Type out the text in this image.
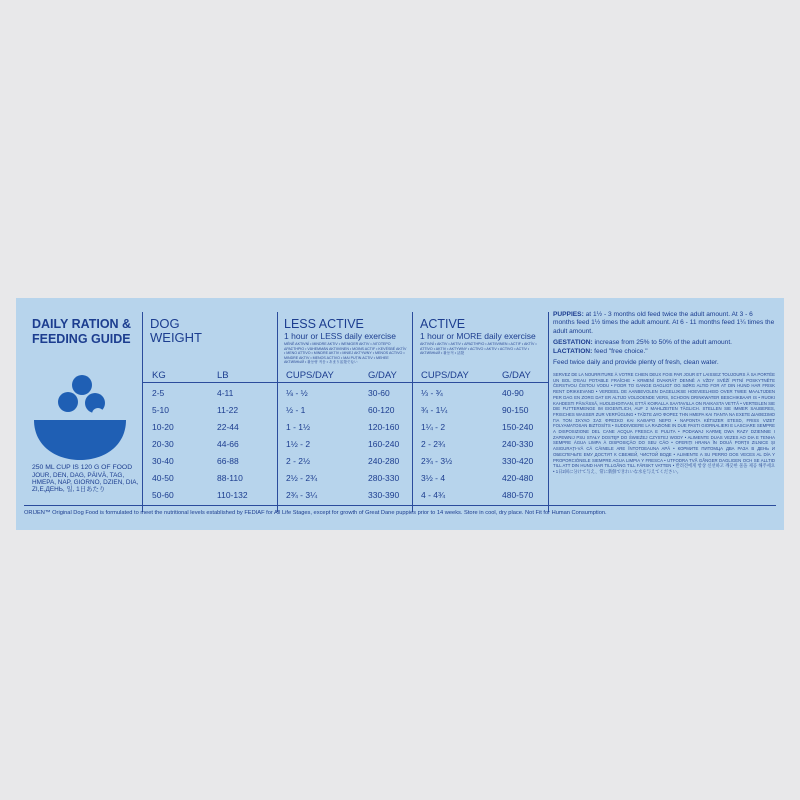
DAILY RATION &
FEEDING GUIDE
250 ML CUP IS 120 G OF FOOD
JOUR, DEN, DAG, PÄIVÄ, TAG, ΗΜΕΡΑ, NAP, GIORNO, DZIEN, DIA, ZI,E,ДЕНЬ, 일, 1日あたり
DOG
WEIGHT
LESS ACTIVE
1 hour or LESS daily exercise
MÉNĚ AKTIVNÍ • MINDRE AKTIV • WENIGER AKTIV • ΛΙΓΟΤΕΡΟ ΔΡΑΣΤΗΡΙΟ • VÄHEMMÄN AKTIIVINEN • MOINS ACTIF • KEVÉSBÉ AKTÍV • MENO ATTIVO • MINDRE AKTIV • MNIEJ AKTYWNY • MENOS ACTIVO • MINDRE AKTIV • MENOS ACTIVO • MAI PUȚIN ACTIV • МЕНЕЕ АКТИВНЫЙ • 활동량 적음 • あまり活発でない
ACTIVE
1 hour or MORE daily exercise
AKTIVNÍ • AKTIV • AKTIV • ΔΡΑΣΤΗΡΙΟ • AKTIIVINEN • ACTIF • AKTÍV • ATTIVO • AKTIV • AKTYWNY • ACTIVO • AKTIV • ACTIVO • ACTIV • АКТИВНЫЙ • 활동적 • 活発
KG	LB	CUPS/DAY	G/DAY	CUPS/DAY	G/DAY
2-5	4-11	⅛ - ½	30-60	⅓ - ¾	40-90
5-10	11-22	½ - 1	60-120	¾ - 1¼	90-150
10-20	22-44	1 - 1½	120-160	1¼ - 2	150-240
20-30	44-66	1½ - 2	160-240	2 - 2¾	240-330
30-40	66-88	2 - 2½	240-280	2¾ - 3½	330-420
40-50	88-110	2½ - 2¾	280-330	3½ - 4	420-480
50-60	110-132	2¾ - 3¼	330-390	4 - 4¾	480-570
PUPPIES: at 1½ - 3 months old feed twice the adult amount. At 3 - 6 months feed 1½ times the adult amount. At 6 - 11 months feed 1¼ times the adult amount.
GESTATION: increase from 25% to 50% of the adult amount.
LACTATION: feed "free choice."
Feed twice daily and provide plenty of fresh, clean water.
SERVEZ DE LA NOURRITURE À VOTRE CHIEN DEUX FOIS PAR JOUR ET LAISSEZ TOUJOURS À SA PORTÉE UN BOL D'EAU POTABLE FRAÎCHE • KRMENÍ DVAKRÁT DENNĚ A VŽDY SVĚŽÍ PITNÍ POSKYTNĚTE ČERSTVOU ČISTOU VODU • FODR TO GANGE DAGLIGT OG SØRG ALTID FOR AT DIN HUND HAR FRISK RENT DRIKKEVAND • VERDEEL DE AANBEVOLEN DAGELIJKSE HOEVEELHEID OVER TWEE MAALTIJDEN PER DAG EN ZORG DAT ER ALTIJD VOLDOENDE VERS, SCHOON DRINKWATER BESCHIKBAAR IS • RUOKI KAHDESTI PÄIVÄSSÄ, HUOLEHDITAAN, ETTÄ KOIRALLA SAATAVILLA ON RAIKASTA VETTÄ • VERTEILEN SIE DIE FUTTERMENGE IM EIGENTLICH, AUF 2 MAHLZEITEN TÄGLICH. STELLEN SIE IMMER SAUBERES, FRISCHES WASSER ZUR VERFÜGUNG • ΤΑΪΣΤΕ ΔΥΟ ΦΟΡΕΣ ΤΗΝ ΗΜΕΡΑ ΚΑΙ ΠΑΝΤΑ ΝΑ ΕΧΕΤΕ ΔΙΑΘΕΣΙΜΟ ΓΙΑ ΤΟΝ ΣΚΥΛΟ ΣΑΣ ΦΡΕΣΚΟ ΚΑΙ ΚΑΘΑΡΟ ΝΕΡΟ • NAPONTA KÉTSZER ETESD, FRISS VIZET FOLYAMATOSAN BIZTOSÍTS • SUDDIVIDERE LA RAZIONE IN DUE PASTI GIORNALIERI E LASCIARE SEMPRE A DISPOSIZIONE DEL CANE ACQUA FRESCA E PULITA • PODAWAJ KARMĘ DWA RAZY DZIENNIE I ZAPEWNIJ PSU STAŁY DOSTĘP DO ŚWIEŻEJ CZYSTEJ WODY • ALIMENTE DUAS VEZES AO DIA E TENHA SEMPRE ÁGUA LIMPA À DISPOSIÇÃO DO SEU CÃO • OFERIȚI HRANA ÎN DOUĂ PORȚII ZILNICE ȘI ASIGURAȚI-VĂ CĂ CÂINELE ARE ÎNTOTDEAUNA APĂ • КОРМИТЕ ПИТОМЦА ДВА РАЗА В ДЕНЬ И ОБЕСПЕЧЬТЕ ЕМУ ДОСТУП К СВЕЖЕЙ, ЧИСТОЙ ВОДЕ • ALIMENTE A SU PERRO DOS VECES AL DÍA Y PROPORCIÓNELE SIEMPRE AGUA LIMPIA Y FRESCA • UTFODRA TVÅ GÅNGER DAGLIGEN OCH SE ALLTID TILL ATT DIN HUND HAR TILLGÅNG TILL FÄRSKT VATTEN • 반려견에게 항상 신선하고 깨끗한 물을 제공 해주세요 • 1日2回に分けて与え、常に新鮮できれいな水を与えてください。
ORIJEN™ Original Dog Food is formulated to meet the nutritional levels established by FEDIAF for All Life Stages, except for growth of Great Dane puppies prior to 14 weeks. Store in cool, dry place. Not Fit for Human Consumption.
